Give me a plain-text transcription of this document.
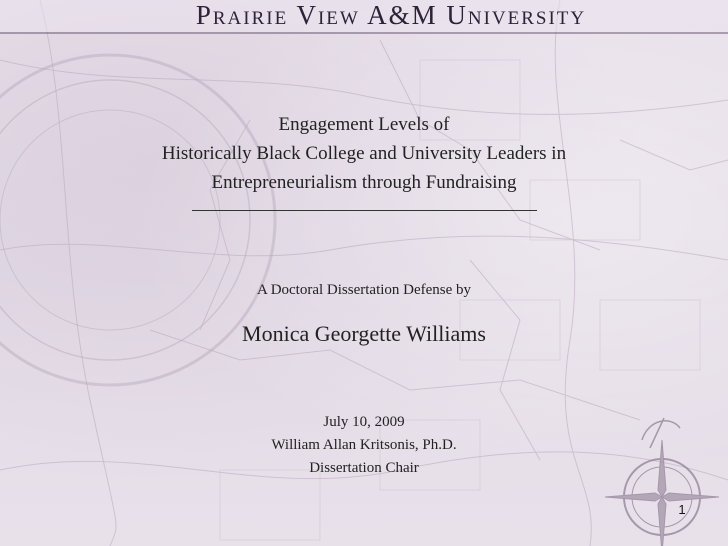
Prairie View A&M University
Engagement Levels of
Historically Black College and University Leaders in
Entrepreneurialism through Fundraising
A Doctoral Dissertation Defense by
Monica Georgette Williams
July 10, 2009
William Allan Kritsonis, Ph.D.
Dissertation Chair
1
